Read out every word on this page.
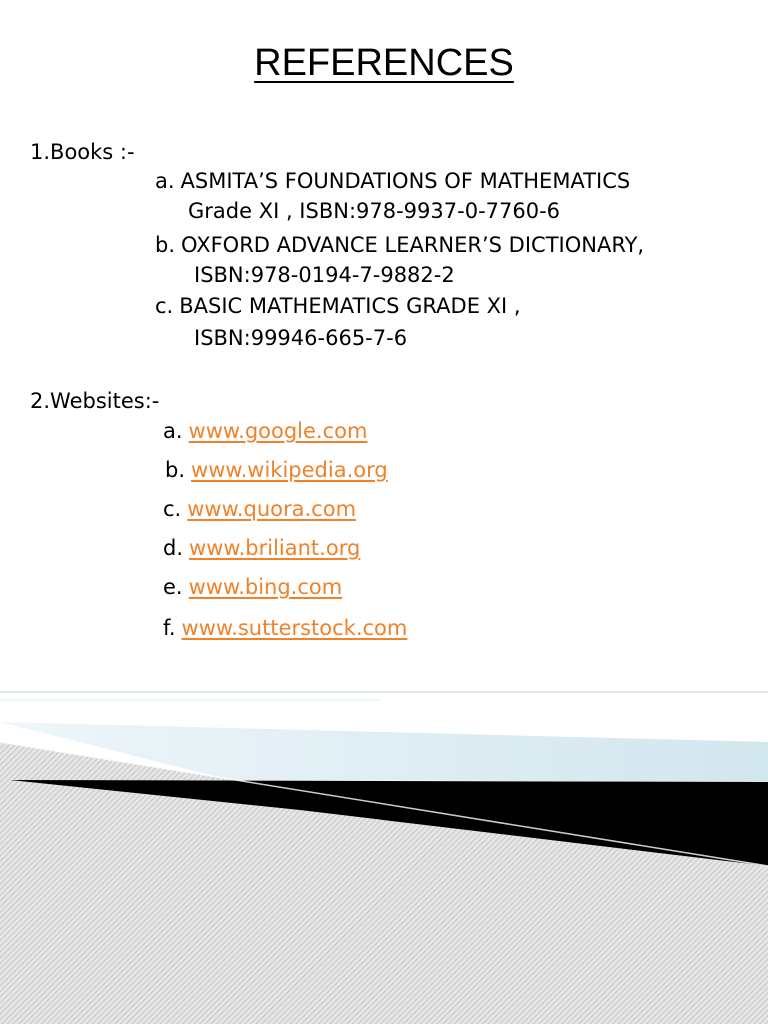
REFERENCES
1.Books :-
a. ASMITA’S FOUNDATIONS OF MATHEMATICS
Grade XI , ISBN:978-9937-0-7760-6
b. OXFORD ADVANCE LEARNER’S DICTIONARY,
ISBN:978-0194-7-9882-2
c. BASIC MATHEMATICS GRADE XI ,
ISBN:99946-665-7-6
2.Websites:-
a. www.google.com
b. www.wikipedia.org
c. www.quora.com
d. www.briliant.org
e. www.bing.com
f. www.sutterstock.com
